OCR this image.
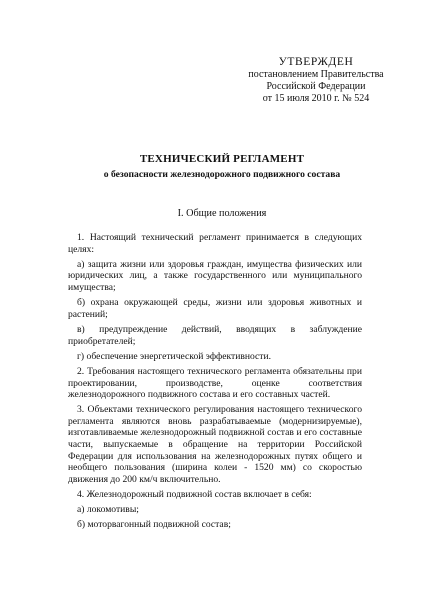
УТВЕРЖДЕН
постановлением Правительства
Российской Федерации
от 15 июля 2010 г. № 524
ТЕХНИЧЕСКИЙ РЕГЛАМЕНТ
о безопасности железнодорожного подвижного состава
I. Общие положения

1. Настоящий технический регламент принимается в следующих целях:

а) защита жизни или здоровья граждан, имущества физических или юридических лиц, а также государственного или муниципального имущества;

б) охрана окружающей среды, жизни или здоровья животных и растений;

в) предупреждение действий, вводящих в заблуждение приобретателей;

г) обеспечение энергетической эффективности.

2. Требования настоящего технического регламента обязательны при проектировании, производстве, оценке соответствия железнодорожного подвижного состава и его составных частей.

3. Объектами технического регулирования настоящего технического регламента являются вновь разрабатываемые (модернизируемые), изготавливаемые железнодорожный подвижной состав и его составные части, выпускаемые в обращение на территории Российской Федерации для использования на железнодорожных путях общего и необщего пользования (ширина колеи - 1520 мм) со скоростью движения до 200 км/ч включительно.

4. Железнодорожный подвижной состав включает в себя:

а) локомотивы;

б) моторвагонный подвижной состав;
